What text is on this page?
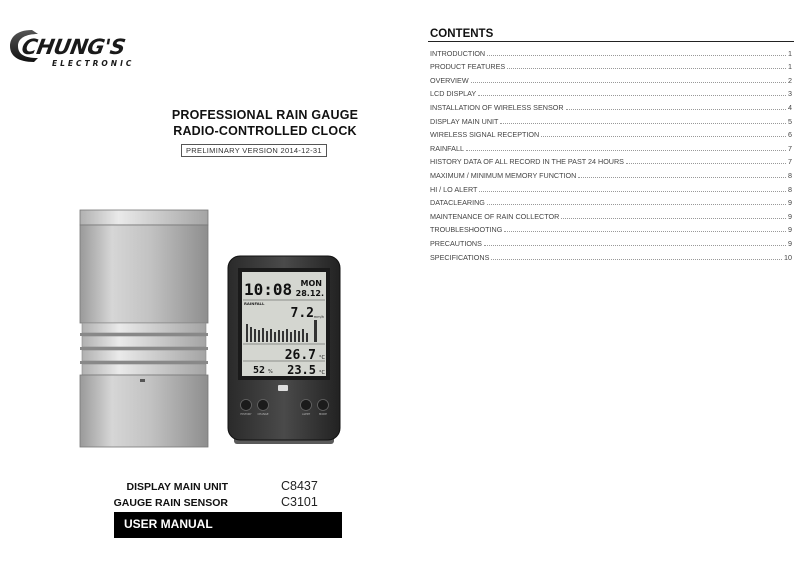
CHUNG'S
ELECTRONIC
PROFESSIONAL RAIN GAUGE
RADIO-CONTROLLED CLOCK
PRELIMINARY VERSION 2014-12-31
10:08 MON
28.12.
RAINFALL
7.2 mm/h
26.7 °C
52 % 23.5 °C
HISTORY CHANGE	ALERT	MODE
DISPLAY MAIN UNIT	C8437
GAUGE RAIN SENSOR	C3101
USER MANUAL
CONTENTS
INTRODUCTION	1
PRODUCT FEATURES	1
OVERVIEW	2
LCD DISPLAY	3
INSTALLATION OF WIRELESS SENSOR	4
DISPLAY MAIN UNIT	5
WIRELESS SIGNAL RECEPTION	6
RAINFALL	7
HISTORY DATA OF ALL RECORD IN THE PAST 24 HOURS	7
MAXIMUM / MINIMUM MEMORY FUNCTION	8
HI / LO ALERT	8
DATACLEARING	9
MAINTENANCE OF RAIN COLLECTOR	9
TROUBLESHOOTING	9
PRECAUTIONS	9
SPECIFICATIONS	10
